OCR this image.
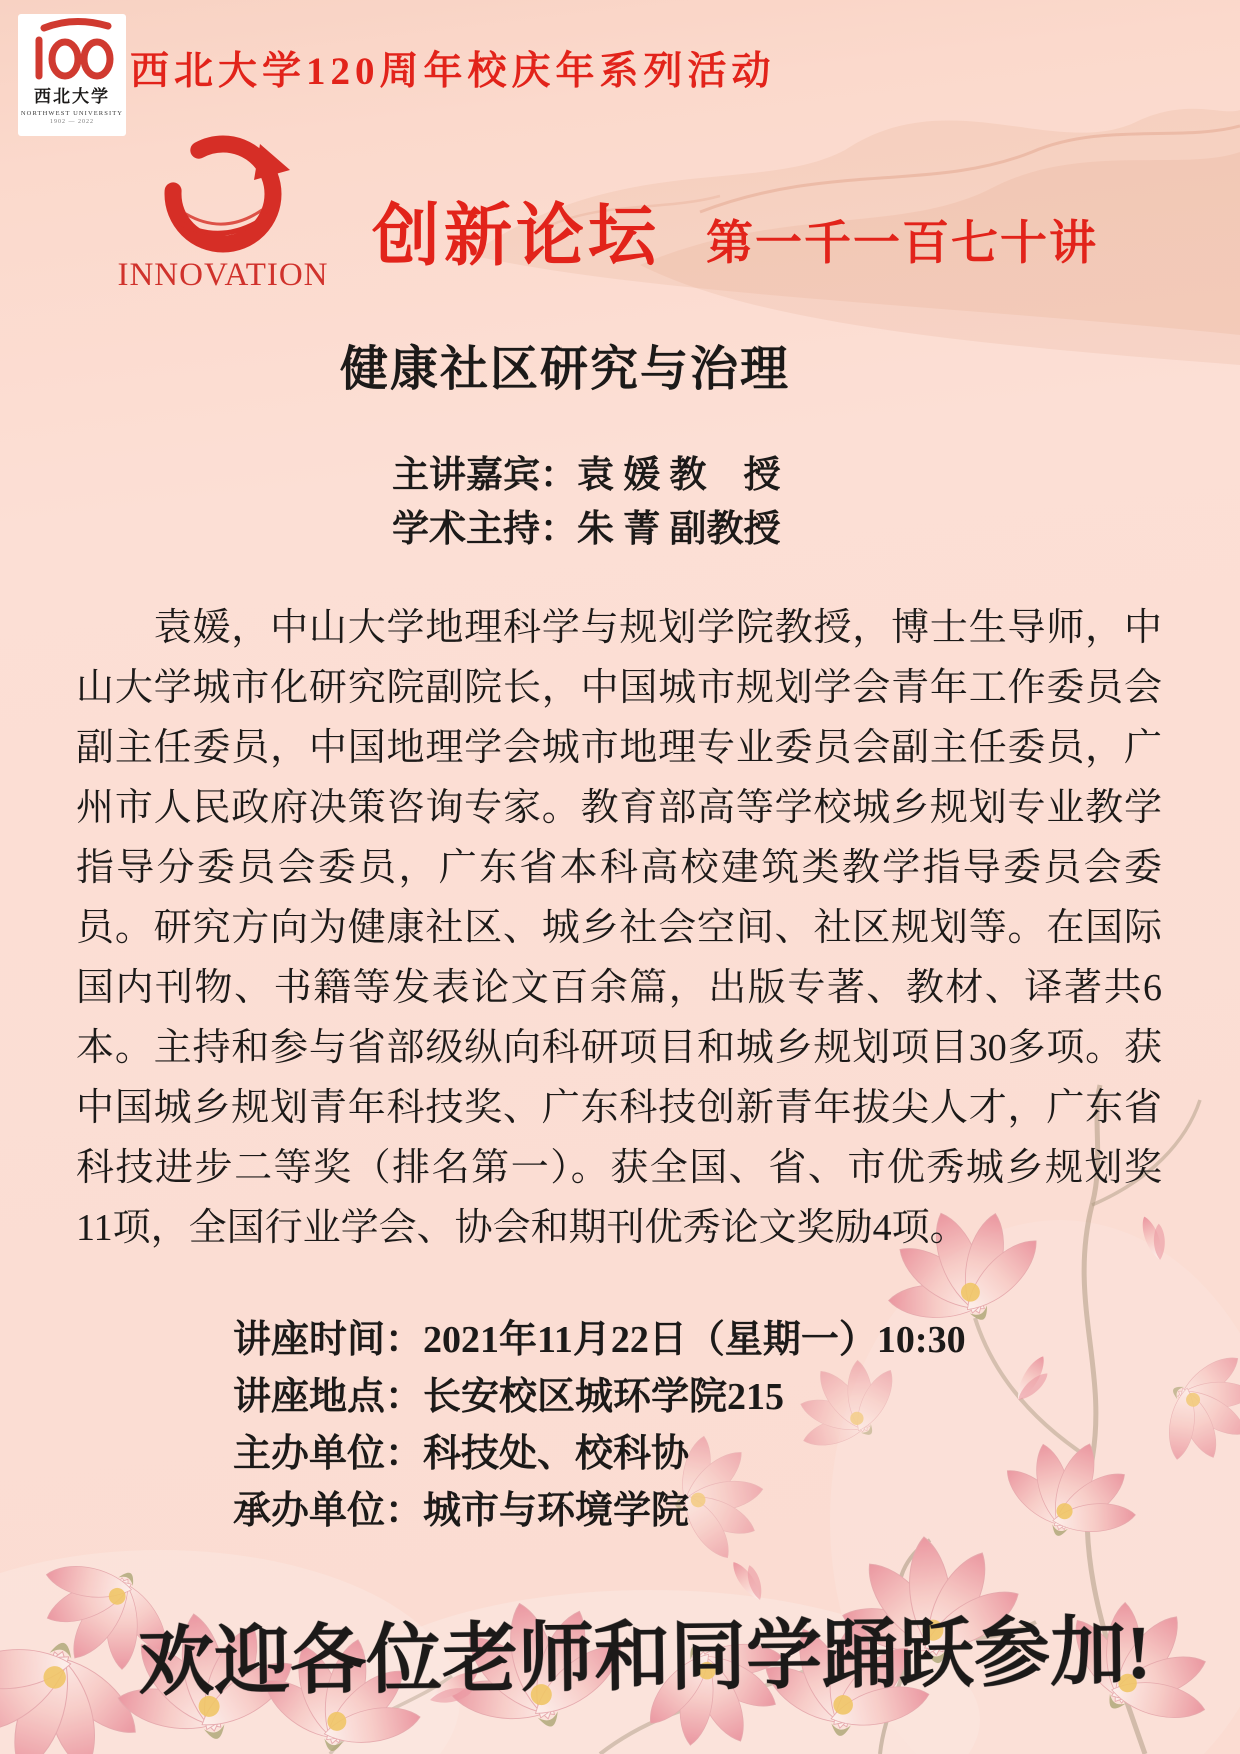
西北大学
NORTHWEST UNIVERSITY
1902 — 2022
西北大学120周年校庆年系列活动
INNOVATION
创新论坛 第一千一百七十讲
健康社区研究与治理
主讲嘉宾：袁 媛 教　授
学术主持：朱 菁 副教授
　　袁媛，中山大学地理科学与规划学院教授，博士生导师，中
山大学城市化研究院副院长，中国城市规划学会青年工作委员会
副主任委员，中国地理学会城市地理专业委员会副主任委员，广
州市人民政府决策咨询专家。教育部高等学校城乡规划专业教学
指导分委员会委员，广东省本科高校建筑类教学指导委员会委
员。研究方向为健康社区、城乡社会空间、社区规划等。在国际
国内刊物、书籍等发表论文百余篇，出版专著、教材、译著共6
本。主持和参与省部级纵向科研项目和城乡规划项目30多项。获
中国城乡规划青年科技奖、广东科技创新青年拔尖人才，广东省
科技进步二等奖（排名第一）。获全国、省、市优秀城乡规划奖
11项，全国行业学会、协会和期刊优秀论文奖励4项。
讲座时间：2021年11月22日（星期一）10:30
讲座地点：长安校区城环学院215
主办单位：科技处、校科协
承办单位：城市与环境学院
欢迎各位老师和同学踊跃参加!
